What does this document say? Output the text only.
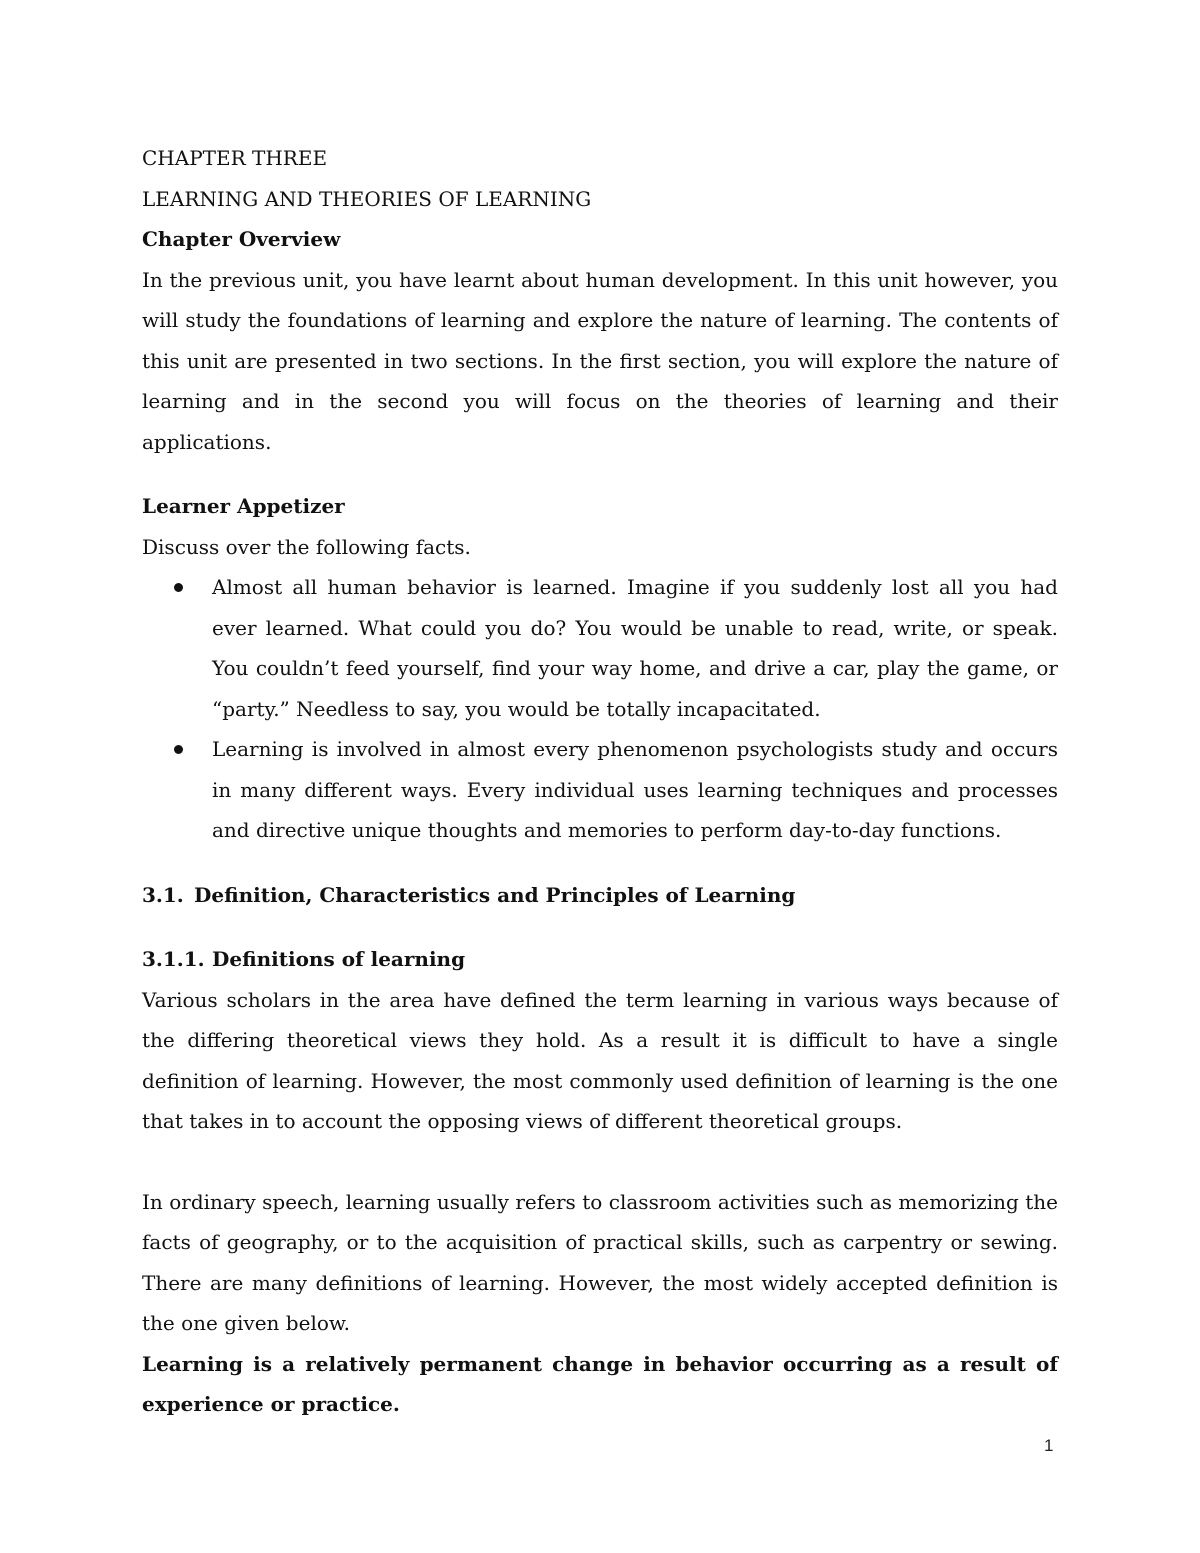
CHAPTER THREE

LEARNING AND THEORIES OF LEARNING

Chapter Overview

In the previous unit, you have learnt about human development. In this unit however, you will study the foundations of learning and explore the nature of learning. The contents of this unit are presented in two sections. In the first section, you will explore the nature of learning and in the second you will focus on the theories of learning and their applications.

Learner Appetizer

Discuss over the following facts.

Almost all human behavior is learned. Imagine if you suddenly lost all you had ever learned. What could you do? You would be unable to read, write, or speak. You couldn’t feed yourself, find your way home, and drive a car, play the game, or “party.” Needless to say, you would be totally incapacitated.
Learning is involved in almost every phenomenon psychologists study and occurs in many different ways. Every individual uses learning techniques and processes and directive unique thoughts and memories to perform day-to-day functions.

3.1. Definition, Characteristics and Principles of Learning

3.1.1. Definitions of learning

Various scholars in the area have defined the term learning in various ways because of the differing theoretical views they hold. As a result it is difficult to have a single definition of learning. However, the most commonly used definition of learning is the one that takes in to account the opposing views of different theoretical groups.

In ordinary speech, learning usually refers to classroom activities such as memorizing the facts of geography, or to the acquisition of practical skills, such as carpentry or sewing. There are many definitions of learning. However, the most widely accepted definition is the one given below.

Learning is a relatively permanent change in behavior occurring as a result of experience or practice.

1
